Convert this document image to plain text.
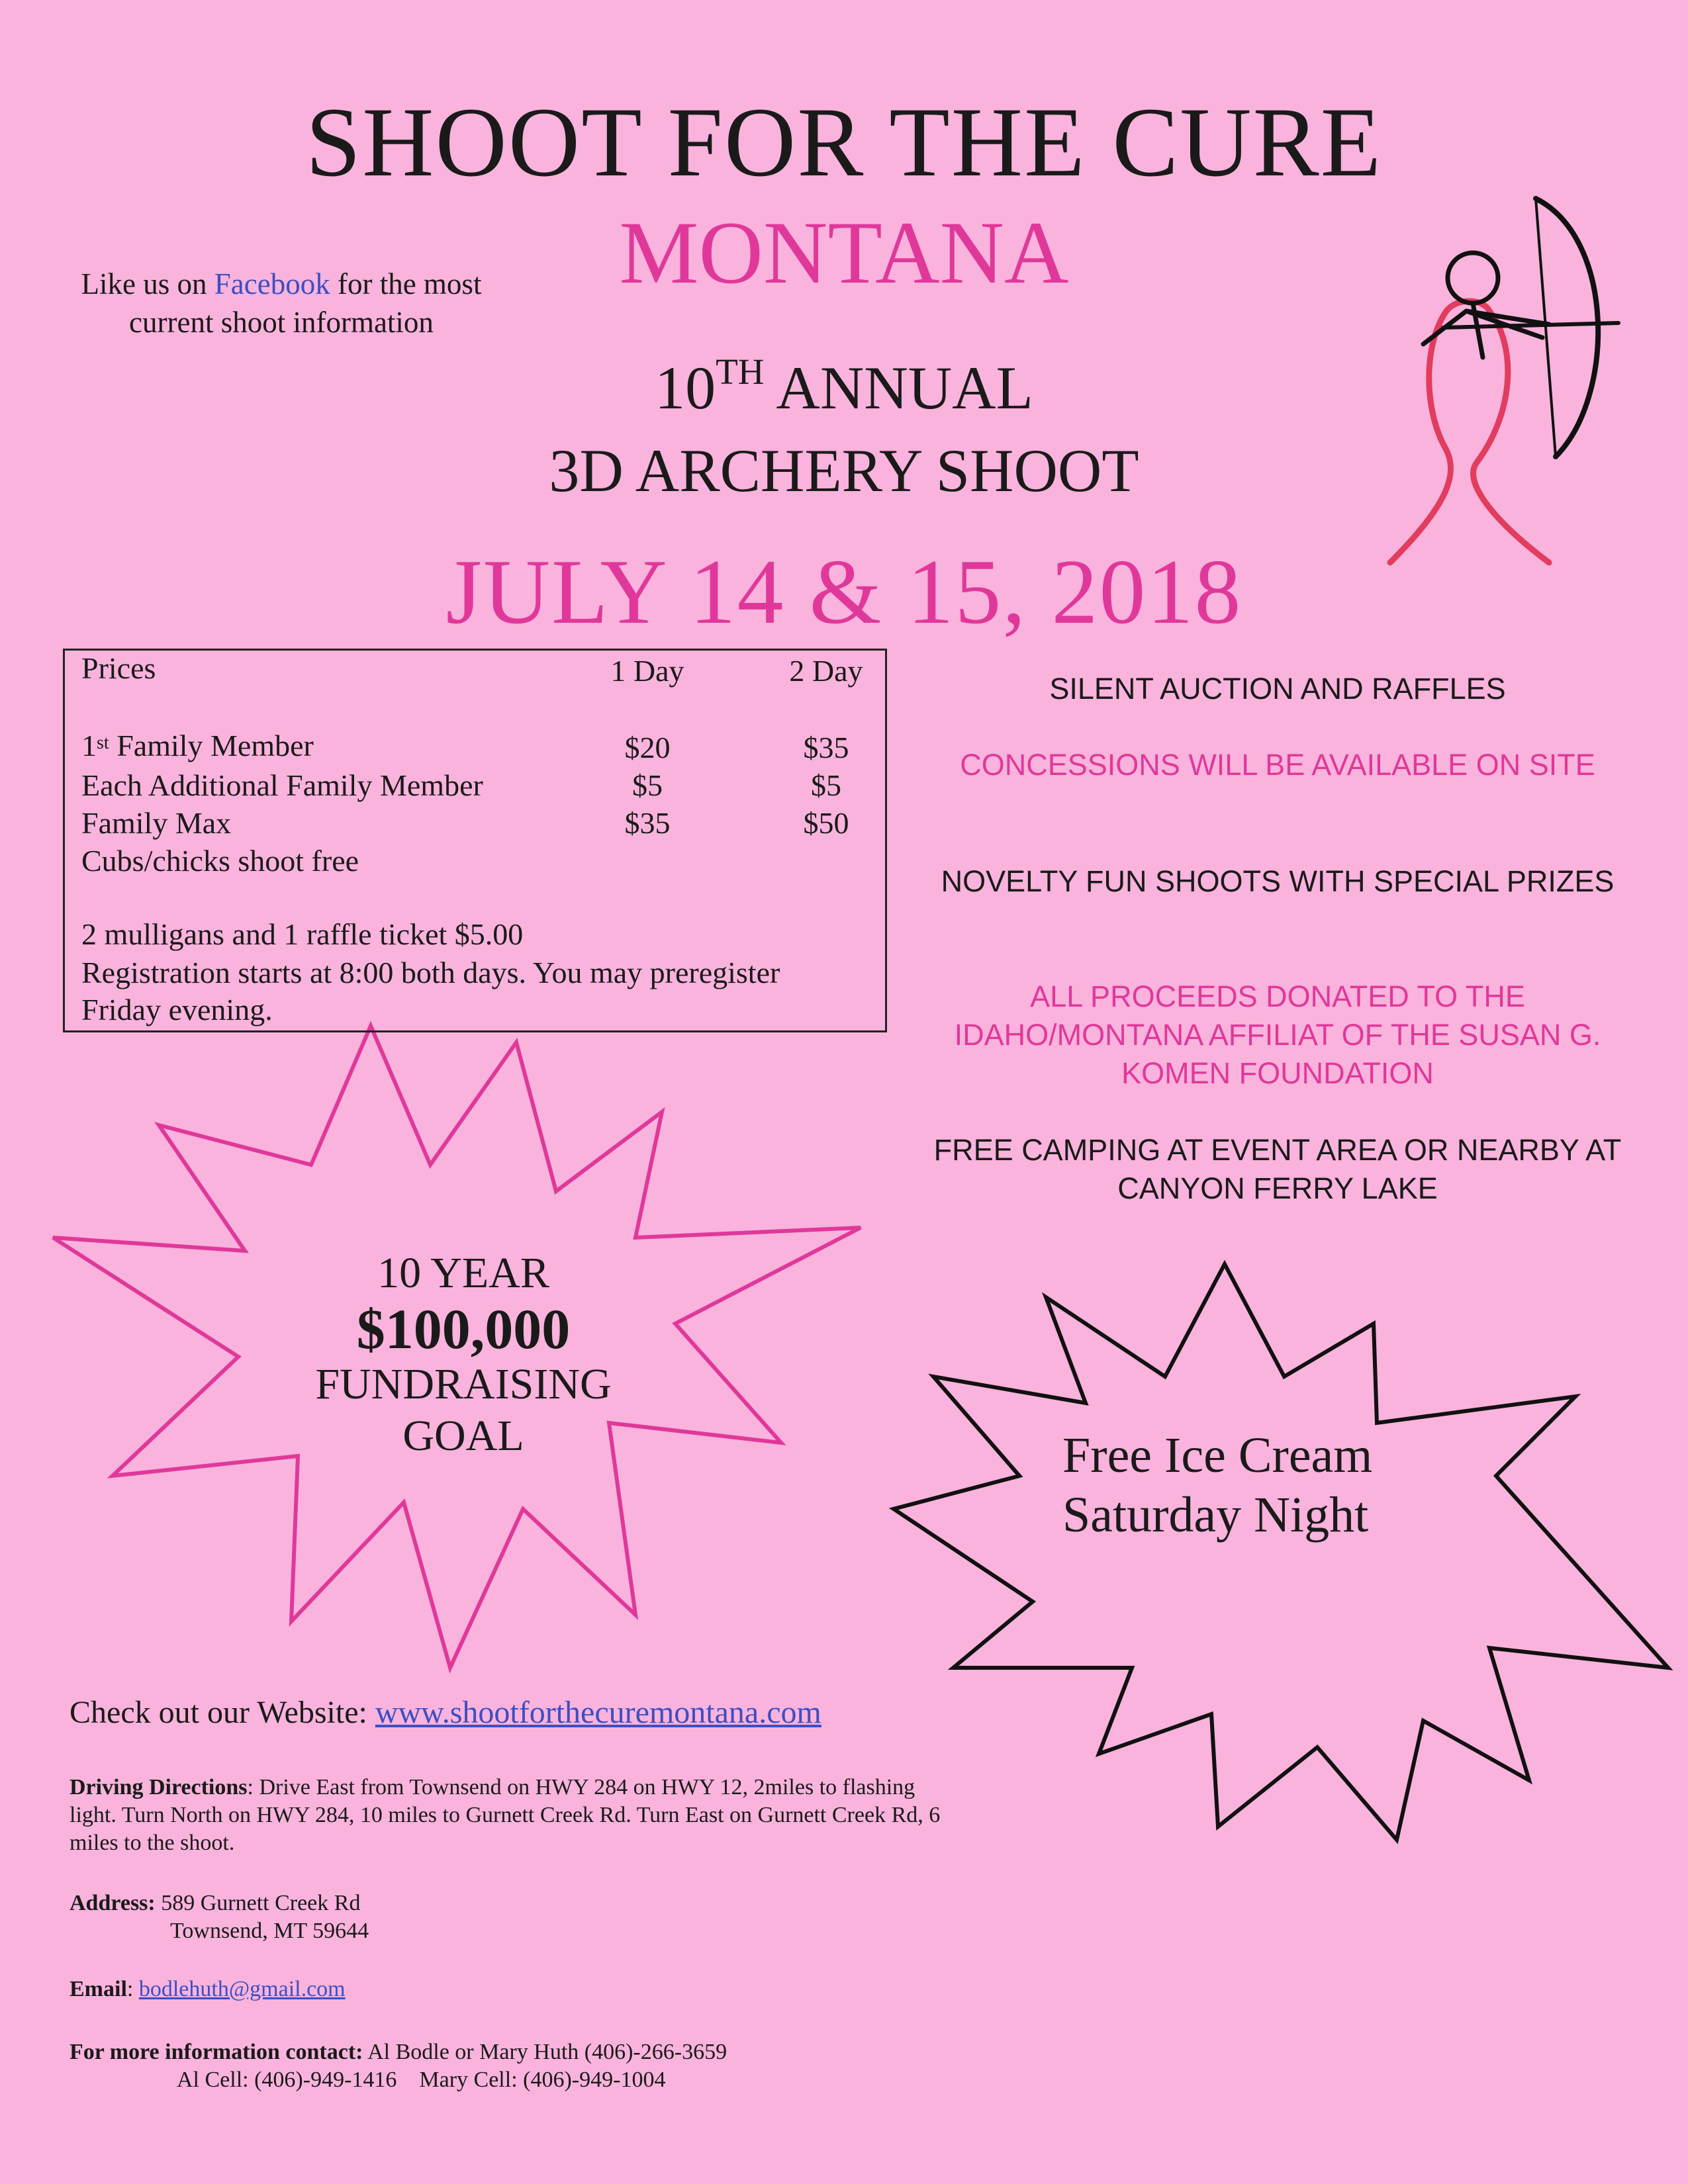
SHOOT FOR THE CURE
MONTANA
10TH ANNUAL
3D ARCHERY SHOOT
JULY 14 & 15, 2018
Like us on Facebook for the most current shoot information
Prices	1 Day	2 Day
1st Family Member	$20	$35
Each Additional Family Member	$5	$5
Family Max	$35	$50
Cubs/chicks shoot free
2 mulligans and 1 raffle ticket $5.00
Registration starts at 8:00 both days. You may preregister
Friday evening.
SILENT AUCTION AND RAFFLES
CONCESSIONS WILL BE AVAILABLE ON SITE
NOVELTY FUN SHOOTS WITH SPECIAL PRIZES
ALL PROCEEDS DONATED TO THE IDAHO/MONTANA AFFILIAT OF THE SUSAN G. KOMEN FOUNDATION
FREE CAMPING AT EVENT AREA OR NEARBY AT CANYON FERRY LAKE
10 YEAR
$100,000
FUNDRAISING
GOAL	Free Ice Cream
Saturday Night
Check out our Website: www.shootforthecuremontana.com
Driving Directions: Drive East from Townsend on HWY 284 on HWY 12, 2miles to flashing light. Turn North on HWY 284, 10 miles to Gurnett Creek Rd. Turn East on Gurnett Creek Rd, 6 miles to the shoot.
Address: 589 Gurnett Creek Rd
Townsend, MT 59644
Email: bodlehuth@gmail.com
For more information contact: Al Bodle or Mary Huth (406)-266-3659
Al Cell: (406)-949-1416    Mary Cell: (406)-949-1004
